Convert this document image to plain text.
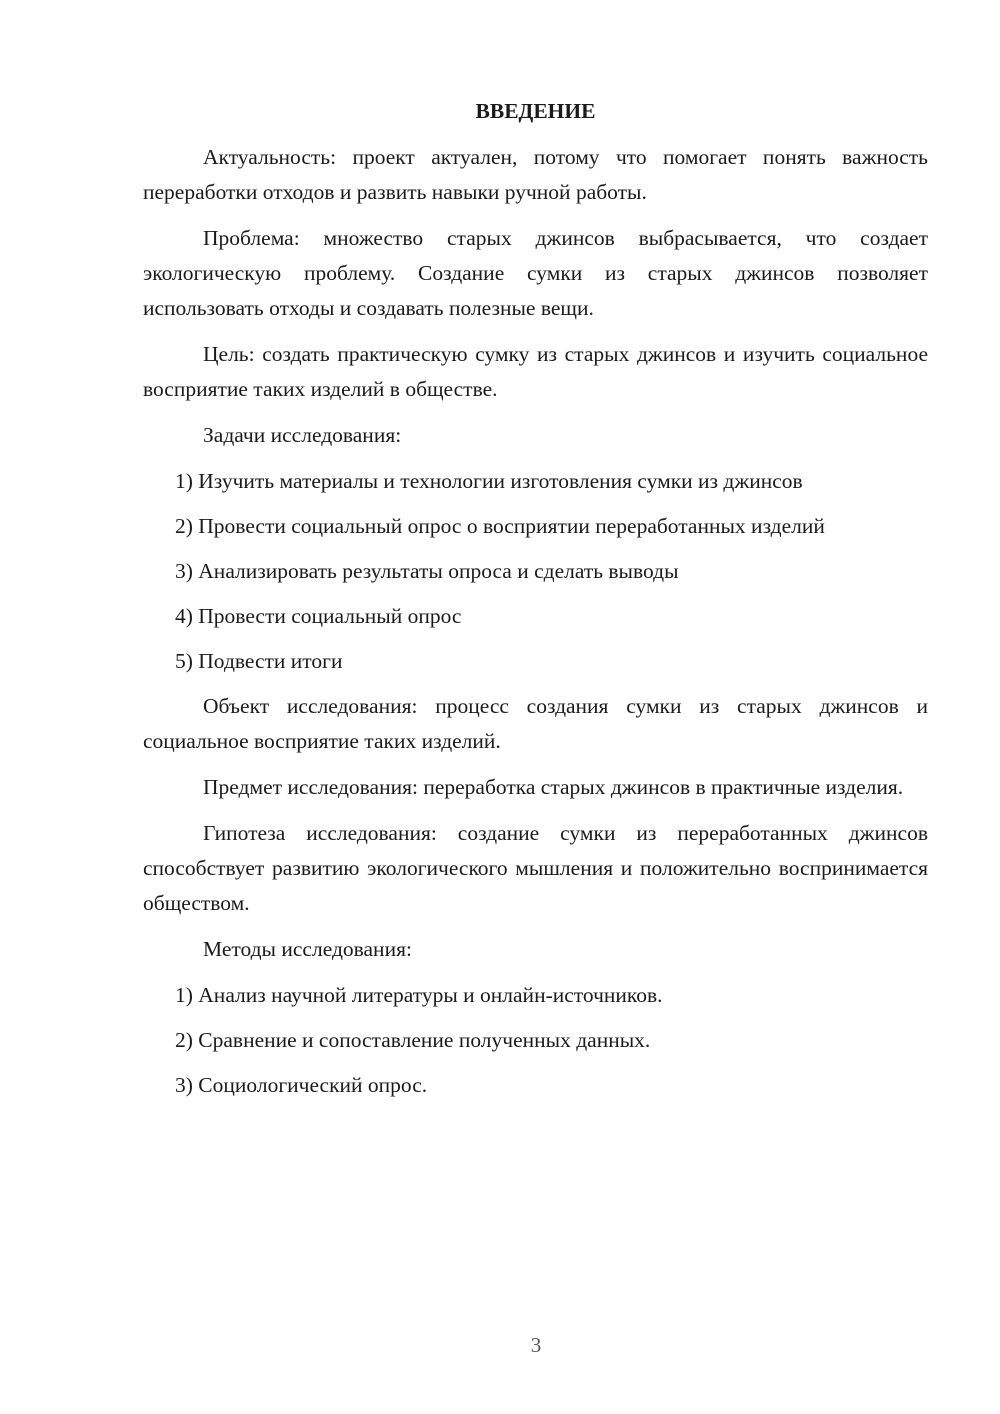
ВВЕДЕНИЕ

Актуальность: проект актуален, потому что помогает понять важность переработки отходов и развить навыки ручной работы.

Проблема: множество старых джинсов выбрасывается, что создает экологическую проблему. Создание сумки из старых джинсов позволяет использовать отходы и создавать полезные вещи.

Цель: создать практическую сумку из старых джинсов и изучить социальное восприятие таких изделий в обществе.

Задачи исследования:

1) Изучить материалы и технологии изготовления сумки из джинсов

2) Провести социальный опрос о восприятии переработанных изделий

3) Анализировать результаты опроса и сделать выводы

4) Провести социальный опрос

5) Подвести итоги

Объект исследования: процесс создания сумки из старых джинсов и социальное восприятие таких изделий.

Предмет исследования: переработка старых джинсов в практичные изделия.

Гипотеза исследования: создание сумки из переработанных джинсов способствует развитию экологического мышления и положительно воспринимается обществом.

Методы исследования:

1) Анализ научной литературы и онлайн-источников.

2) Сравнение и сопоставление полученных данных.

3) Социологический опрос.

3
